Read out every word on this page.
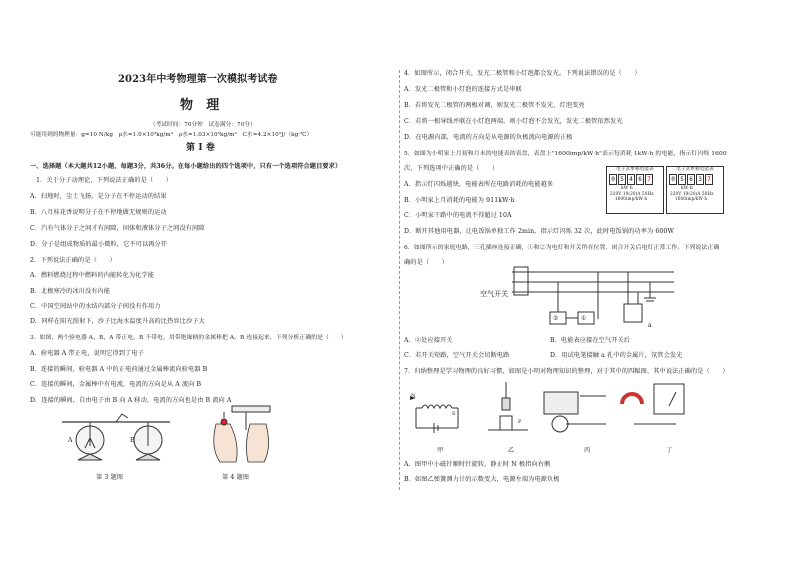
2023年中考物理第一次模拟考试卷
物　理
（考试时间：70分钟　试卷满分：70分）
可能用到的物理量：g=10 N/kg　ρ水=1.0×10³kg/m³　ρ水=1.03×10³kg/m³　C水=4.2×10³J/（kg·℃）
第 I 卷
一、选择题（本大题共12小题，每题3分，共36分。在每小题给出的四个选项中，只有一个选项符合题目要求）
1．关于分子动理论，下列说法正确的是（　　）
A．扫地时，尘土飞扬，是分子在不停运动的结果
B．八月桂花香说明分子在不停地做无规则的运动
C．汽有气体分子之间才有间隙，固体和液体分子之间没有间隙
D．分子是组成物质的最小微粒，它不可以再分开
2．下列说法正确的是（　　）
A．燃料燃烧过程中燃料的内能转化为化学能
B．北极寒冷的冰川没有内能
C．中国空间站中的水结内部分子间没有作用力
D．同样在阳光照射下，沙子比海水温度升高的比热容比沙子大
3．如图，两个验电器 A、B，A 带正电，B 不带电，用带绝缘柄的金属棒把 A、B 连接起来，下列分析正确的是（　　）
A．验电器 A 带正电，说明它得到了电子
B．连接的瞬间，验电器 A 中的正电荷通过金属棒流向验电器 B
C．连接的瞬间，金属棒中有电流，电流的方向是从 A 流向 B
D．连接的瞬间，自由电子由 B 向 A 移动，电流的方向也是由 B 流向 A
A	B
第 3 题图	第 4 题图
4．如图所示，闭合开关，发光二极管和小灯泡都会发光。下列说法错误的是（　　）
A．发光二极管和小灯泡的连接方式是串联
B．若将发光二极管的两极对调，则发光二极管不发光，灯泡变亮
C．若将一根导线并联在小灯泡两端，则小灯泡不会发光，发光二极管依然发光
D．在电源内部，电流的方向是从电源的负极流向电源的正极
5．如图为小明家上月初和月末的电能表的表盘，表盘上"1600imp/kW·h"表示每消耗 1kW·h 的电能，指示灯闪烁 1600
次，下列选项中正确的是（　　）
A．指示灯闪烁越快，电能表所在电路消耗的电能越多
B．小明家上月消耗的电能为 911kW·h
C．小明家干路中的电流不得超过 10A
D．断开其他用电器，让电饭锅单独工作 2min，指示灯闪烁 32 次，此时电饭锅的功率为 600W
电子式单相电能表
0 5 4 6 7
kW·h
220V 10(20)A 50Hz
1600imp/kW·h
电子式单相电能表
0 5 6 3 7
kW·h
220V 10(20)A 50Hz
1600imp/kW·h
6．如图所示的家庭电路，三孔插座连接正确，①和②为电灯和开关所在位置，闭合开关后电灯正常工作。下列说法正确
确的是（　　）
空气开关
②	①
a
A．②处应接开关	B．电能表应接在空气开关后
C．若开关短路，空气开关会切断电路	D．用试电笔接触 a 孔中的金属片，氖管会发光
7．归纳整理是学习物理的良好习惯，如图是小明对物理知识的整理，对于其中的四幅图，其中说法正确的是（　　）
N
S
P
甲	乙	丙	丁
A．图甲中小磁针顺时针旋转，静止时 N 极指向右侧
B．如图乙弹簧测力计的示数变大，电源左端为电源负极
